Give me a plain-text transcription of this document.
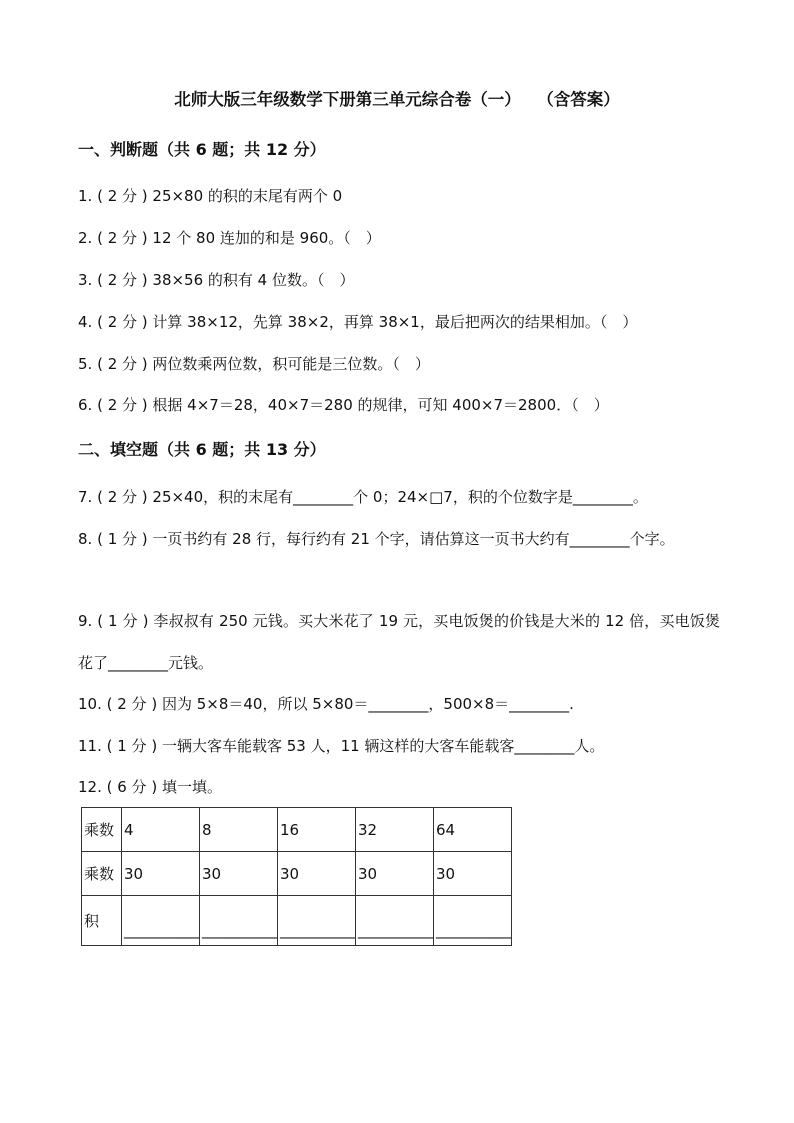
北师大版三年级数学下册第三单元综合卷（一）　　（含答案）
一、判断题（共 6 题；共 12 分）
1. ( 2 分 ) 25×80 的积的末尾有两个 0
2. ( 2 分 ) 12 个 80 连加的和是 960。（　）
3. ( 2 分 ) 38×56 的积有 4 位数。（　）
4. ( 2 分 ) 计算 38×12，先算 38×2，再算 38×1，最后把两次的结果相加。（　）
5. ( 2 分 ) 两位数乘两位数，积可能是三位数。（　）
6. ( 2 分 ) 根据 4×7＝28，40×7＝280 的规律，可知 400×7＝2800．（　）
二、填空题（共 6 题；共 13 分）
7. ( 2 分 ) 25×40，积的末尾有________个 0；24×□7，积的个位数字是________。
8. ( 1 分 ) 一页书约有 28 行，每行约有 21 个字，请估算这一页书大约有________个字。
9. ( 1 分 ) 李叔叔有 250 元钱。买大米花了 19 元，买电饭煲的价钱是大米的 12 倍，买电饭煲花了________元钱。
10. ( 2 分 ) 因为 5×8＝40，所以 5×80＝________，500×8＝________.
11. ( 1 分 ) 一辆大客车能载客 53 人，11 辆这样的大客车能载客________人。
12. ( 6 分 ) 填一填。
乘数	4	8	16	32	64
乘数	30	30	30	30	30
积	__________	__________	__________	__________	__________
